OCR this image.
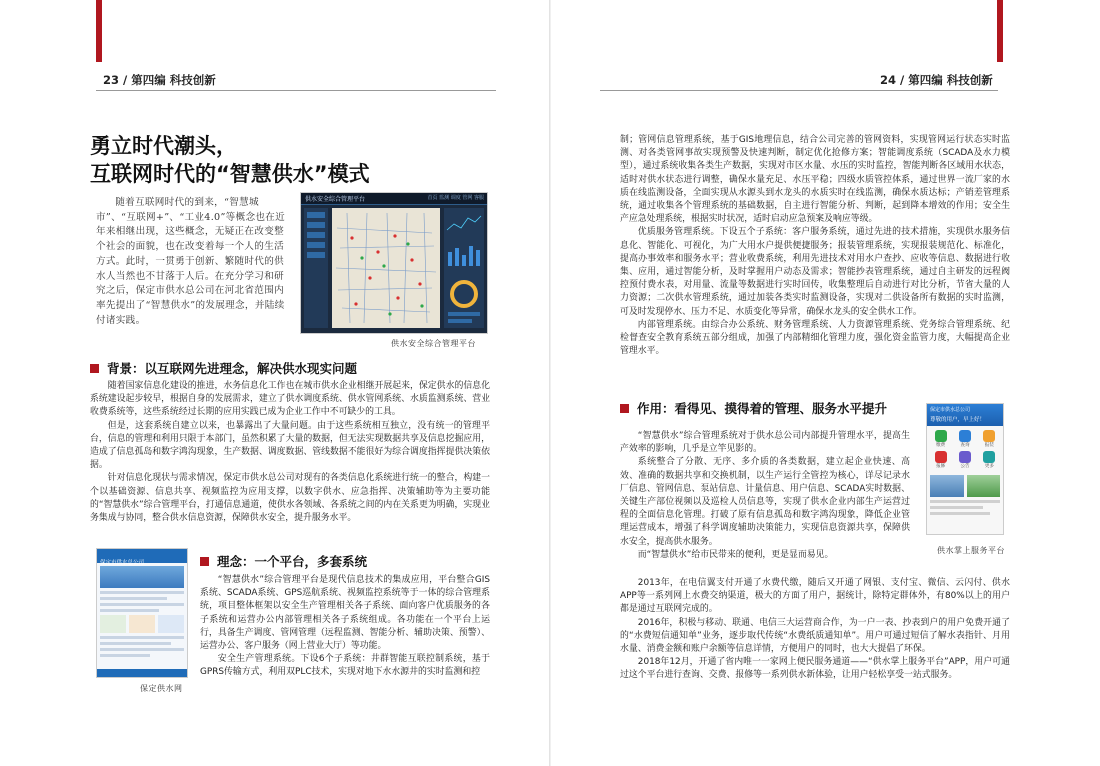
23 / 第四编 科技创新	24 / 第四编 科技创新
勇立时代潮头，
互联网时代的“智慧供水”模式

随着互联网时代的到来，“智慧城市”、“互联网+”、“工业4.0”等概念也在近年来相继出现，这些概念，无疑正在改变整个社会的面貌，也在改变着每一个人的生活方式。此时，一贯勇于创新、繁随时代的供水人当然也不甘落于人后。在充分学习和研究之后，保定市供水总公司在河北省范围内率先提出了“智慧供水”的发展理念，并陆续付诸实践。

供水安全综合管理平台	首页 监测 调度 管网 客服
供水安全综合管理平台
背景：以互联网先进理念，解决供水现实问题

随着国家信息化建设的推进，水务信息化工作也在城市供水企业相继开展起来，保定供水的信息化系统建设起步较早，根据自身的发展需求，建立了供水调度系统、供水管网系统、水质监测系统、营业收费系统等，这些系统经过长期的应用实践已成为企业工作中不可缺少的工具。

但是，这套系统自建立以来，也暴露出了大量问题。由于这些系统相互独立，没有统一的管理平台，信息的管理和利用只限于本部门，虽然积累了大量的数据，但无法实现数据共享及信息挖掘应用，造成了信息孤岛和数字鸿沟现象，生产数据、调度数据、管线数据不能很好为综合调度指挥提供决策依据。

针对信息化现状与需求情况，保定市供水总公司对现有的各类信息化系统进行统一的整合，构建一个以基础资源、信息共享、视频监控为应用支撑，以数字供水、应急指挥、决策辅助等为主要功能的“智慧供水”综合管理平台，打通信息通道，使供水各领域、各系统之间的内在关系更为明确，实现业务集成与协同，整合供水信息资源，保障供水安全，提升服务水平。

保定市供水总公司
保定供水网
理念：一个平台，多套系统

“智慧供水”综合管理平台是现代信息技术的集成应用，平台整合GIS系统、SCADA系统、GPS巡航系统、视频监控系统等于一体的综合管理系统，项目整体框架以安全生产管理相关各子系统、面向客户优质服务的各子系统和运营办公内部管理相关各子系统组成。各功能在一个平台上运行，具备生产调度、管网管理（远程监测、智能分析、辅助决策、预警）、运营办公、客户服务（网上营业大厅）等功能。

安全生产管理系统。下设6个子系统：井群智能互联控制系统，基于GPRS传输方式，利用双PLC技术，实现对地下水水源井的实时监测和控

制；管网信息管理系统，基于GIS地理信息，结合公司完善的管网资料，实现管网运行状态实时监测、对各类管网事故实现预警及快速判断，制定优化抢修方案；智能调度系统（SCADA及水力模型），通过系统收集各类生产数据，实现对市区水量、水压的实时监控，智能判断各区域用水状态，适时对供水状态进行调整，确保水量充足、水压平稳；四级水质管控体系，通过世界一流厂家的水质在线监测设备，全面实现从水源头到水龙头的水质实时在线监测，确保水质达标；产销差管理系统，通过收集各个管理系统的基础数据，自主进行智能分析、判断，起到降本增效的作用；安全生产应急处理系统，根据实时状况，适时启动应急预案及响应等级。

优质服务管理系统。下设五个子系统：客户服务系统，通过先进的技术措施，实现供水服务信息化、智能化、可视化，为广大用水户提供便捷服务；报装管理系统，实现报装规范化、标准化，提高办事效率和服务水平；营业收费系统，利用先进技术对用水户查抄、应收等信息、数据进行收集、应用，通过智能分析，及时掌握用户动态及需求；智能抄表管理系统，通过自主研发的远程阀控预付费水表，对用量、流量等数据进行实时回传，收集整理后自动进行对比分析，节省大量的人力资源；二次供水管理系统，通过加装各类实时监测设备，实现对二供设备所有数据的实时监测，可及时发现停水、压力不足、水质变化等异常，确保水龙头的安全供水工作。

内部管理系统。由综合办公系统、财务管理系统、人力资源管理系统、党务综合管理系统、纪检督查安全教育系统五部分组成，加强了内部精细化管理力度，强化资金监管力度，大幅提高企业管理水平。

作用：看得见、摸得着的管理、服务水平提升

“智慧供水”综合管理系统对于供水总公司内部提升管理水平，提高生产效率的影响，几乎是立竿见影的。

系统整合了分散、无序、多介质的各类数据，建立起企业快速、高效、准确的数据共享和交换机制，以生产运行全管控为核心，详尽记录水厂信息、管网信息、泵站信息、计量信息、用户信息、SCADA实时数据、关键生产部位视频以及巡检人员信息等，实现了供水企业内部生产运营过程的全面信息化管理。打破了原有信息孤岛和数字鸿沟现象，降低企业管理运营成本，增强了科学调度辅助决策能力，实现信息资源共享，保障供水安全，提高供水服务。

而“智慧供水”给市民带来的便利，更是显而易见。

保定市供水总公司
尊敬的用户，早上好！
缴费	查询	报装
报修	公告	更多
供水掌上服务平台

2013年，在电信翼支付开通了水费代缴，随后又开通了网银、支付宝、微信、云闪付、供水APP等一系列网上水费交纳渠道，极大的方面了用户，据统计，除特定群体外，有80%以上的用户都是通过互联网完成的。

2016年，积极与移动、联通、电信三大运营商合作，为一户一表、抄表到户的用户免费开通了的“水费短信通知单”业务，逐步取代传统“水费纸质通知单”。用户可通过短信了解水表指针、月用水量、消费金额和账户余额等信息详情，方便用户的同时，也大大提倡了环保。

2018年12月，开通了省内唯一一家网上便民服务通道——“供水掌上服务平台”APP，用户可通过这个平台进行查询、交费、报修等一系列供水新体验，让用户轻松享受一站式服务。
